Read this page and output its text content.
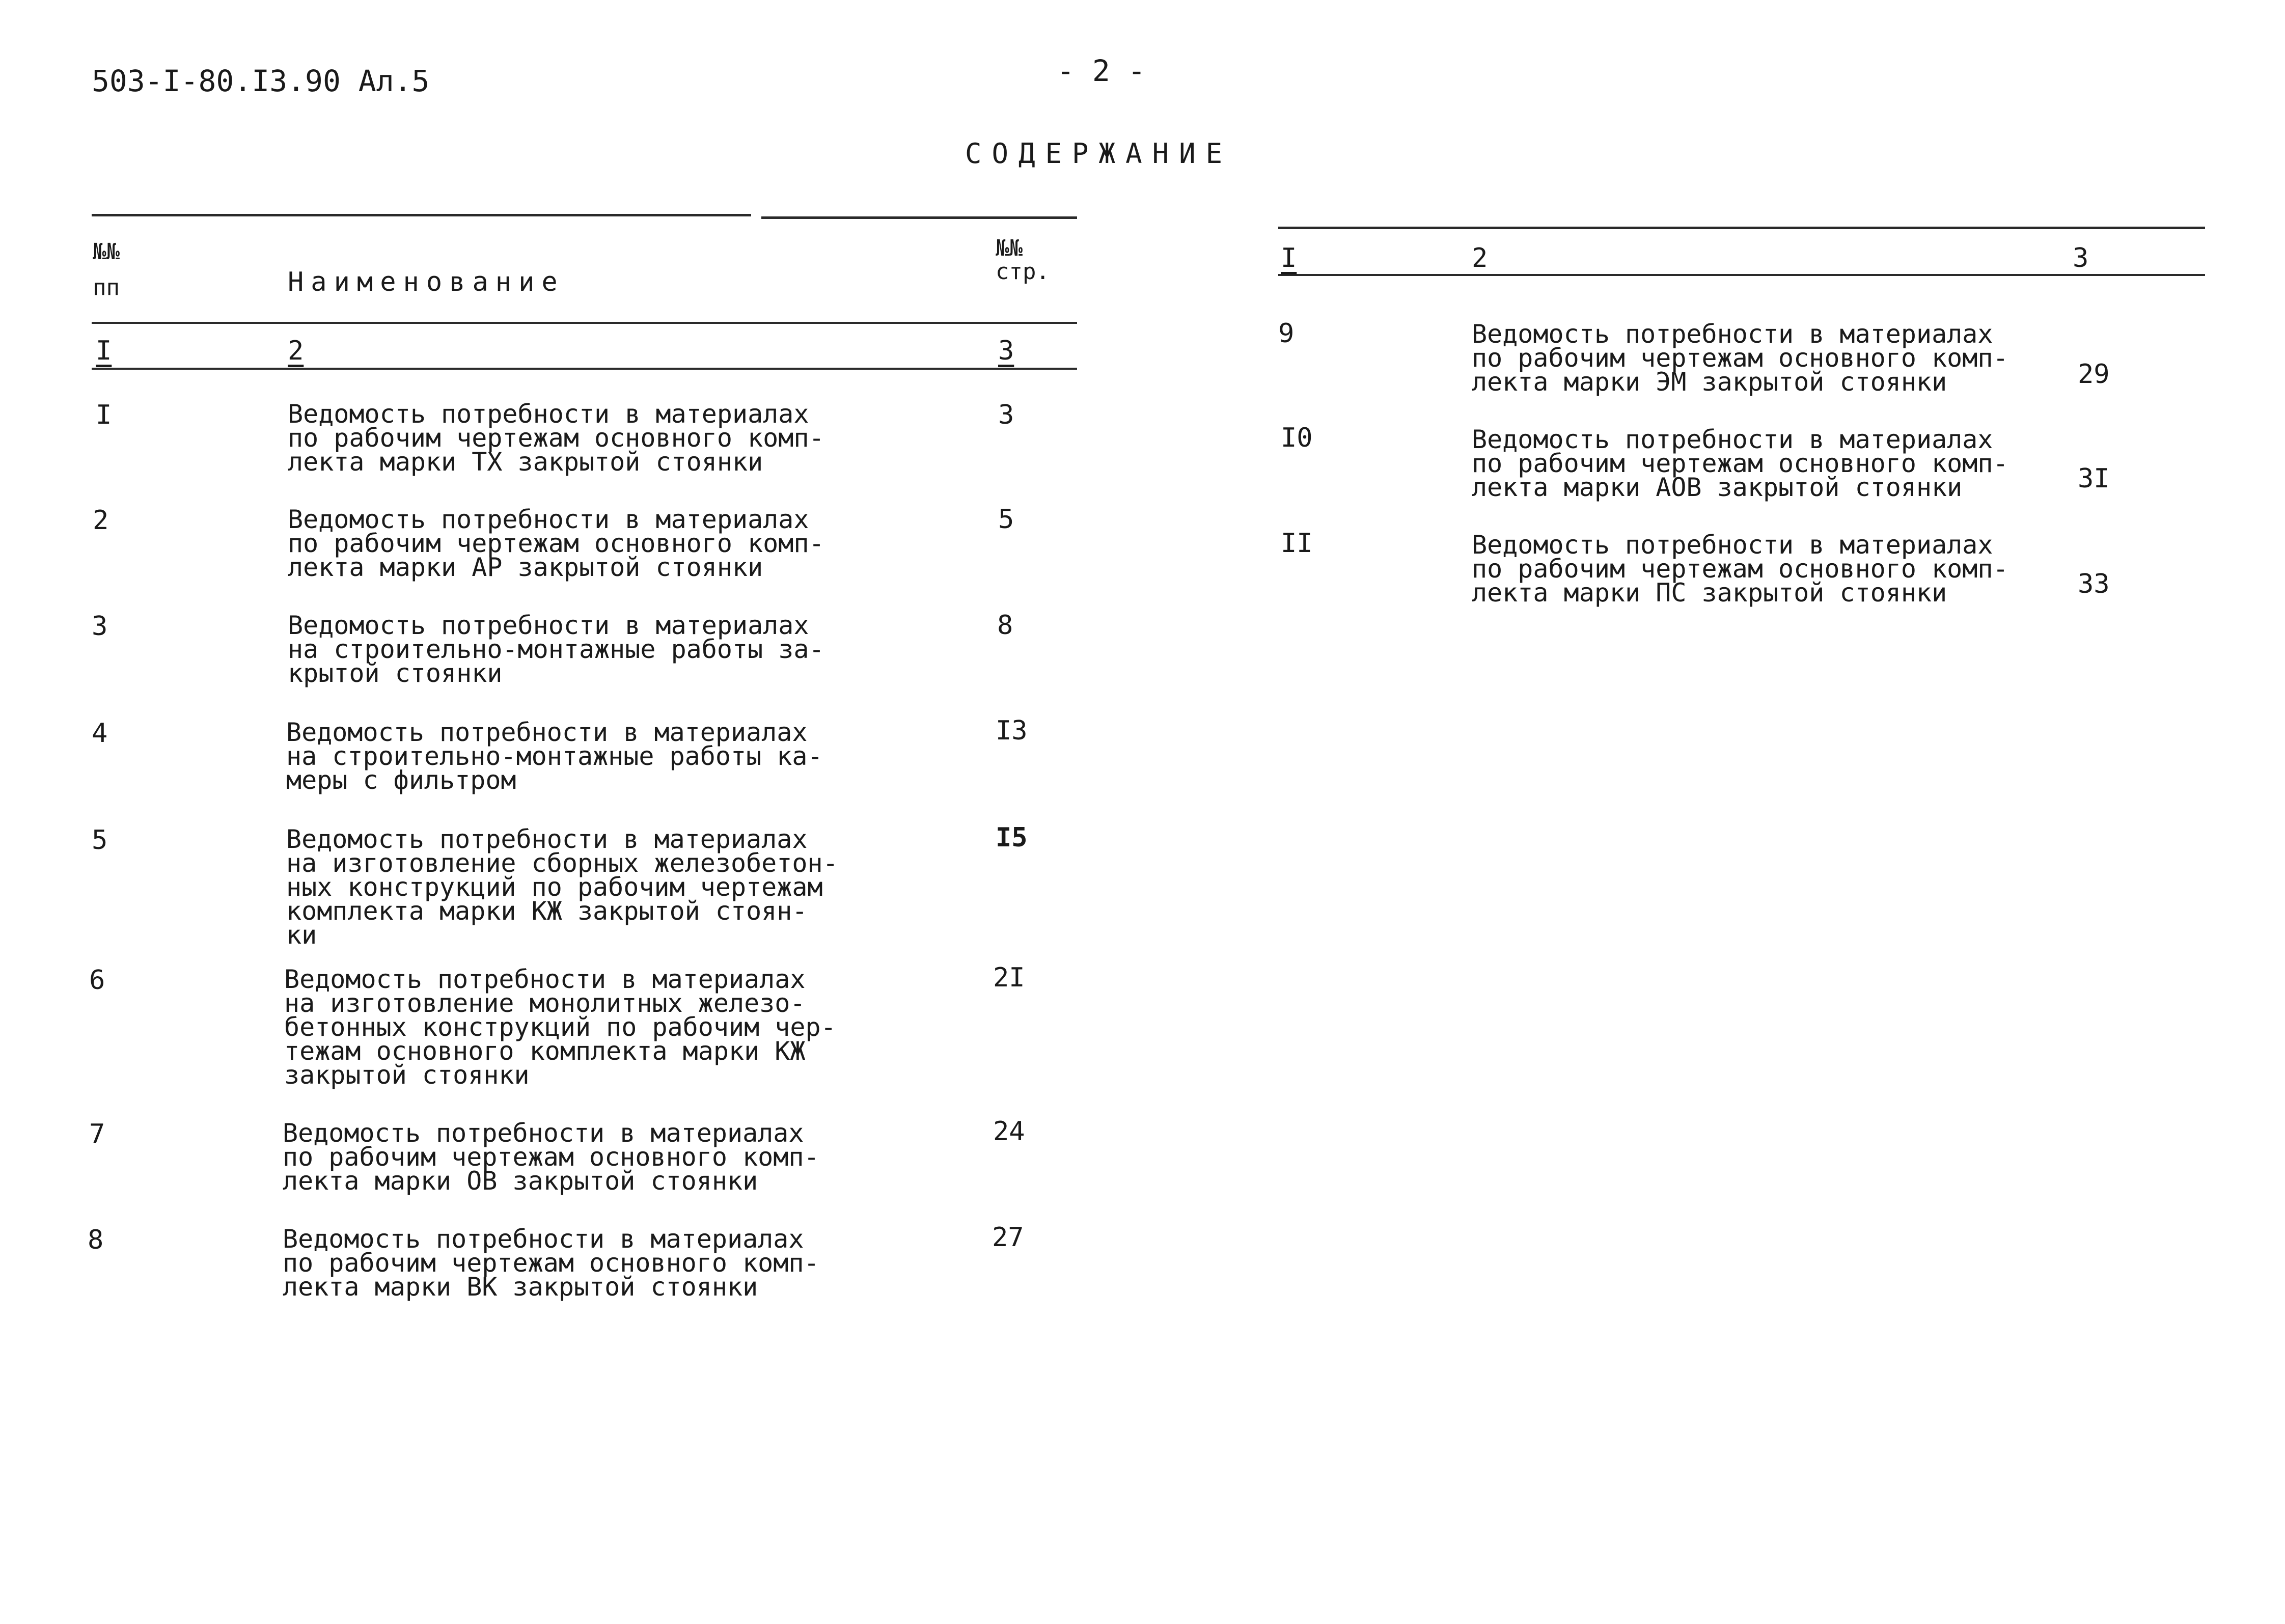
503-I-80.I3.90 Ал.5	- 2 -
СОДЕРЖАНИЕ
№№
пп	Наименование
№№
стр.
I	2	3
I	Ведомость потребности в материалах
по рабочим чертежам основного комп-
лекта марки ТХ закрытой стоянки
3
2	Ведомость потребности в материалах
по рабочим чертежам основного комп-
лекта марки АР закрытой стоянки
5
3	Ведомость потребности в материалах
на строительно-монтажные работы за-
крытой стоянки
8
4	Ведомость потребности в материалах
на строительно-монтажные работы ка-
меры с фильтром
I3
5	Ведомость потребности в материалах
на изготовление сборных железобетон-
ных конструкций по рабочим чертежам
комплекта марки КЖ закрытой стоян-
ки
I5
6	Ведомость потребности в материалах
на изготовление монолитных железо-
бетонных конструкций по рабочим чер-
тежам основного комплекта марки КЖ
закрытой стоянки
2I
7	Ведомость потребности в материалах
по рабочим чертежам основного комп-
лекта марки ОВ закрытой стоянки
24
8	Ведомость потребности в материалах
по рабочим чертежам основного комп-
лекта марки ВК закрытой стоянки
27
I	2	3
9	Ведомость потребности в материалах
по рабочим чертежам основного комп-
лекта марки ЭМ закрытой стоянки	29
I0	Ведомость потребности в материалах
по рабочим чертежам основного комп-
лекта марки АОВ закрытой стоянки	3I
II	Ведомость потребности в материалах
по рабочим чертежам основного комп-
лекта марки ПС закрытой стоянки	33
